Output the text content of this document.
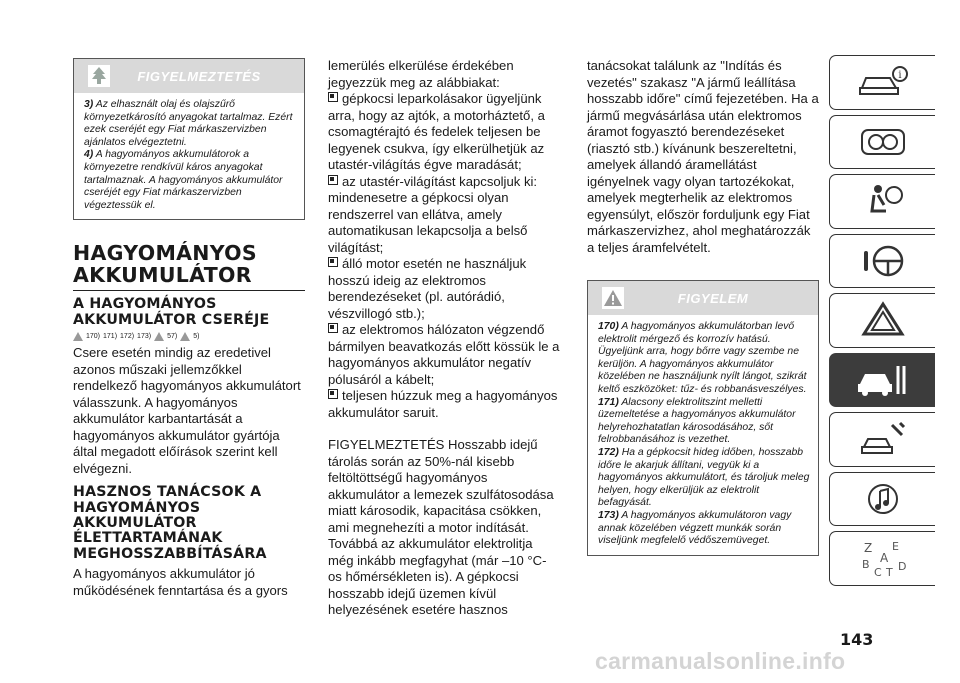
FIGYELMEZTETÉS
3) Az elhasznált olaj és olajszűrő környezetkárosító anyagokat tartalmaz. Ezért ezek cseréjét egy Fiat márkaszervizben ajánlatos elvégeztetni.
4) A hagyományos akkumulátorok a környezetre rendkívül káros anyagokat tartalmaznak. A hagyományos akkumulátor cseréjét egy Fiat márkaszervizben végeztessük el.
HAGYOMÁNYOS AKKUMULÁTOR
A HAGYOMÁNYOS AKKUMULÁTOR CSERÉJE
170) 171) 172) 173) 57) 5)

Csere esetén mindig az eredetivel azonos műszaki jellemzőkkel rendelkező hagyományos akkumulátort válasszunk. A hagyományos akkumulátor karbantartását a hagyományos akkumulátor gyártója által megadott előírások szerint kell elvégezni.

HASZNOS TANÁCSOK A HAGYOMÁNYOS AKKUMULÁTOR ÉLETTARTAMÁNAK MEGHOSSZABBÍTÁSÁRA

A hagyományos akkumulátor jó működésének fenntartása és a gyors

lemerülés elkerülése érdekében jegyezzük meg az alábbiakat:

gépkocsi leparkolásakor ügyeljünk arra, hogy az ajtók, a motorháztető, a csomagtérajtó és fedelek teljesen be legyenek csukva, így elkerülhetjük az utastér-világítás égve maradását;
az utastér-világítást kapcsoljuk ki: mindenesetre a gépkocsi olyan rendszerrel van ellátva, amely automatikusan lekapcsolja a belső világítást;
álló motor esetén ne használjuk hosszú ideig az elektromos berendezéseket (pl. autórádió, vészvillogó stb.);
az elektromos hálózaton végzendő bármilyen beavatkozás előtt kössük le a hagyományos akkumulátor negatív pólusáról a kábelt;
teljesen húzzuk meg a hagyományos akkumulátor saruit.

FIGYELMEZTETÉS Hosszabb idejű tárolás során az 50%-nál kisebb feltöltöttségű hagyományos akkumulátor a lemezek szulfátosodása miatt károsodik, kapacitása csökken, ami megnehezíti a motor indítását. Továbbá az akkumulátor elektrolitja még inkább megfagyhat (már –10 °C-os hőmérsékleten is). A gépkocsi hosszabb idejű üzemen kívül helyezésének esetére hasznos

tanácsokat találunk az "Indítás és vezetés" szakasz "A jármű leállítása hosszabb időre" című fejezetében. Ha a jármű megvásárlása után elektromos áramot fogyasztó berendezéseket (riasztó stb.) kívánunk beszereltetni, amelyek állandó áramellátást igényelnek vagy olyan tartozékokat, amelyek megterhelik az elektromos egyensúlyt, először forduljunk egy Fiat márkaszervizhez, ahol meghatározzák a teljes áramfelvételt.

FIGYELEM
170) A hagyományos akkumulátorban levő elektrolit mérgező és korrozív hatású. Ügyeljünk arra, hogy bőrre vagy szembe ne kerüljön. A hagyományos akkumulátor közelében ne használjunk nyílt lángot, szikrát keltő eszközöket: tűz- és robbanásveszélyes.
171) Alacsony elektrolitszint melletti üzemeltetése a hagyományos akkumulátor helyrehozhatatlan károsodásához, sőt felrobbanásához is vezethet.
172) Ha a gépkocsit hideg időben, hosszabb időre le akarjuk állítani, vegyük ki a hagyományos akkumulátort, és tároljuk meleg helyen, hogy elkerüljük az elektrolit befagyását.
173) A hagyományos akkumulátoron vagy annak közelében végzett munkák során viseljünk megfelelő védőszemüveget.
i
Z E
A
B
C D
T
143
carmanualsonline.info
